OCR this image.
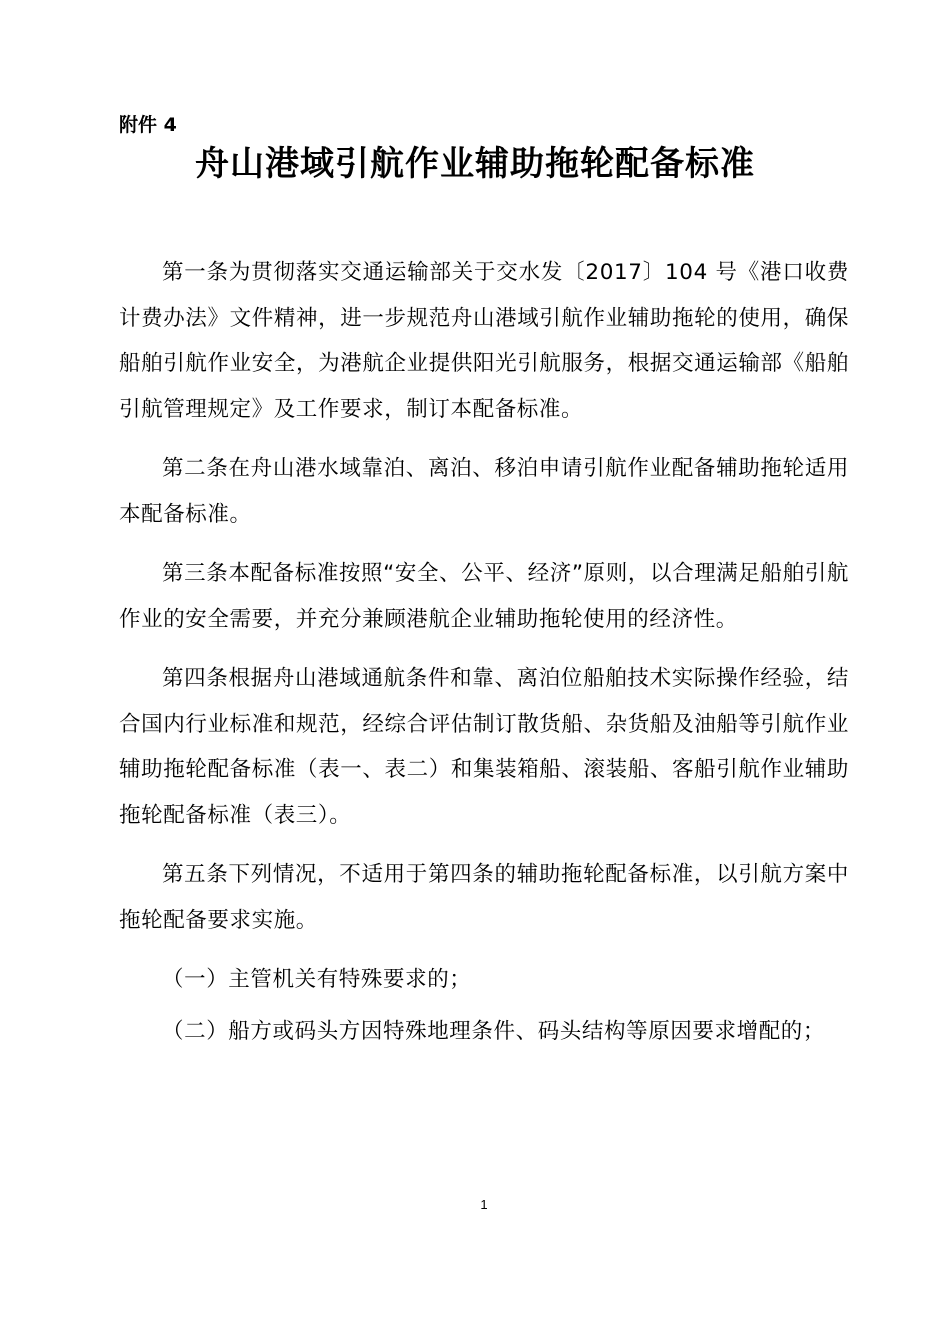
附件 4
舟山港域引航作业辅助拖轮配备标准

第一条为贯彻落实交通运输部关于交水发〔2017〕104 号《港口收费计费办法》文件精神，进一步规范舟山港域引航作业辅助拖轮的使用，确保船舶引航作业安全，为港航企业提供阳光引航服务，根据交通运输部《船舶引航管理规定》及工作要求，制订本配备标准。

第二条在舟山港水域靠泊、离泊、移泊申请引航作业配备辅助拖轮适用本配备标准。

第三条本配备标准按照“安全、公平、经济”原则，以合理满足船舶引航作业的安全需要，并充分兼顾港航企业辅助拖轮使用的经济性。

第四条根据舟山港域通航条件和靠、离泊位船舶技术实际操作经验，结合国内行业标准和规范，经综合评估制订散货船、杂货船及油船等引航作业辅助拖轮配备标准（表一、表二）和集装箱船、滚装船、客船引航作业辅助拖轮配备标准（表三）。

第五条下列情况，不适用于第四条的辅助拖轮配备标准，以引航方案中拖轮配备要求实施。

（一）主管机关有特殊要求的；

（二）船方或码头方因特殊地理条件、码头结构等原因要求增配的；

1
